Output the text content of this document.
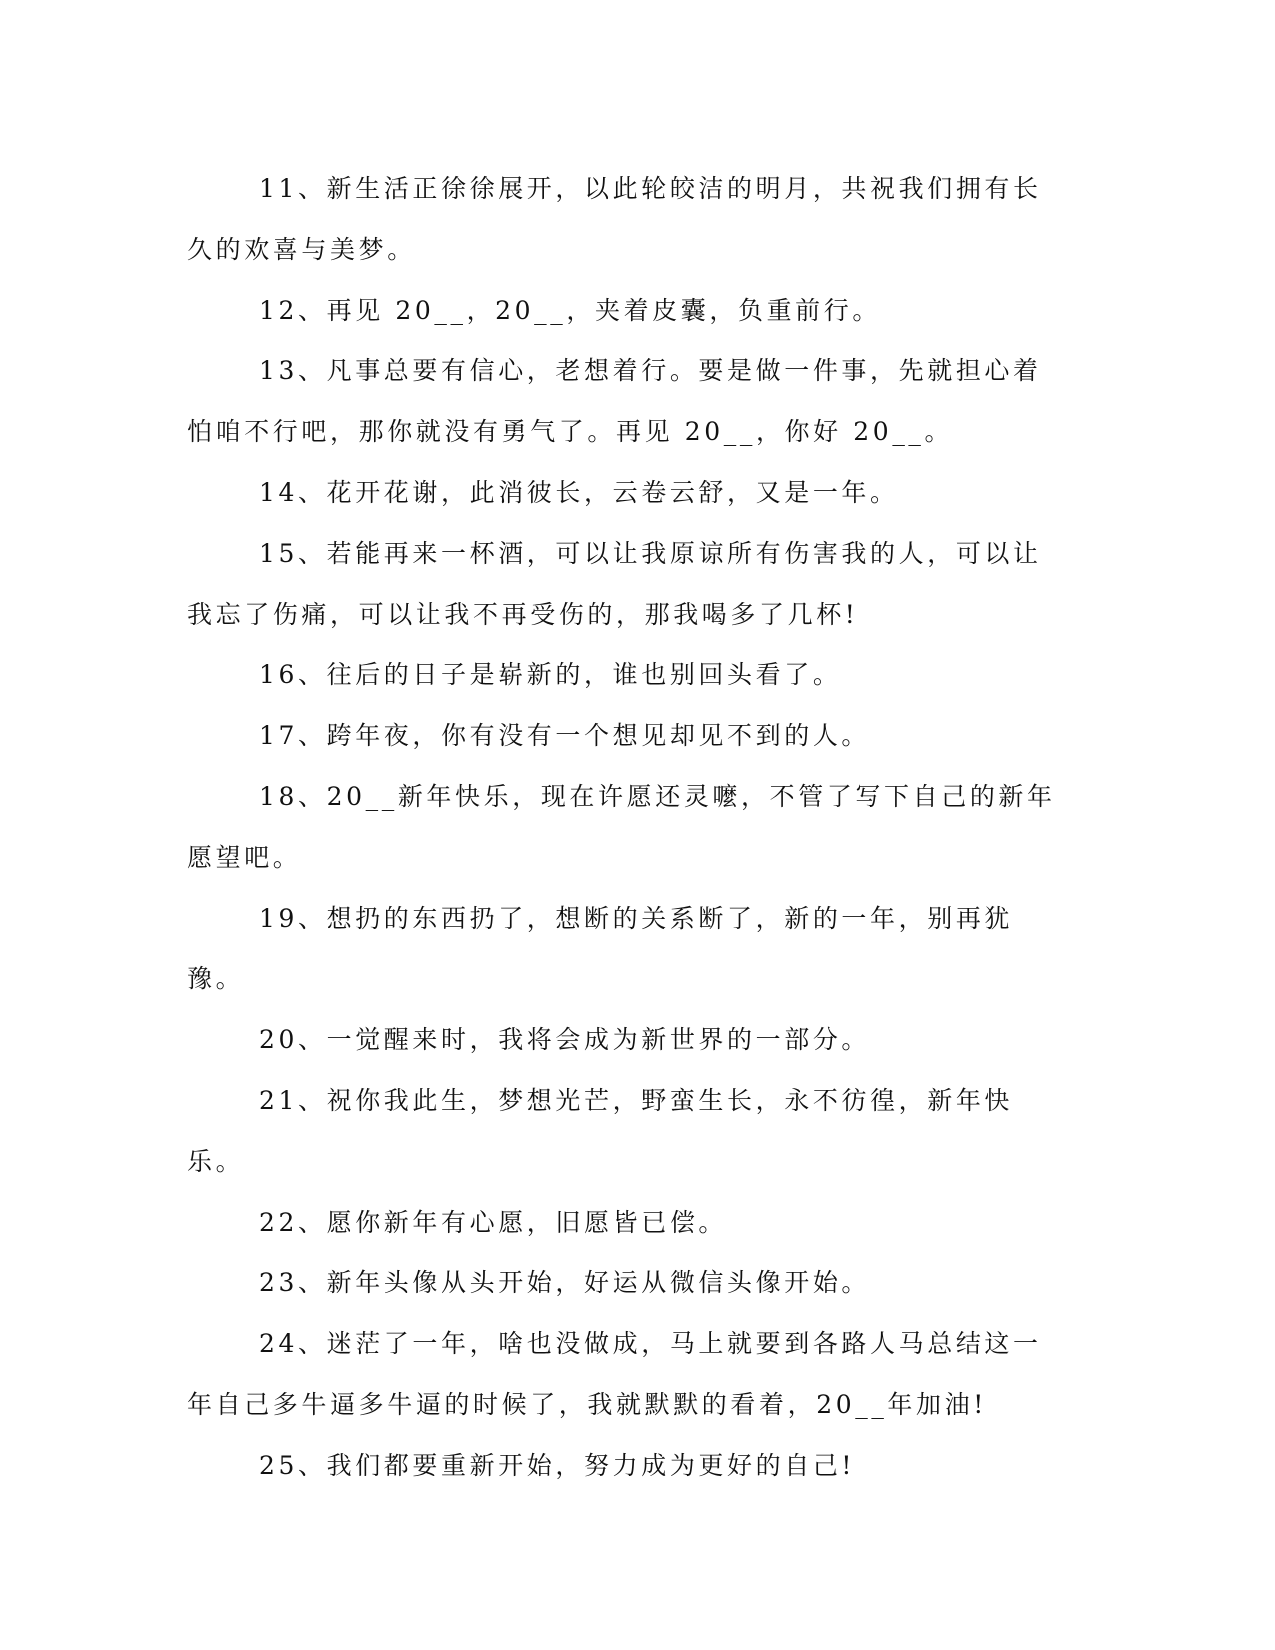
11、新生活正徐徐展开，以此轮皎洁的明月，共祝我们拥有长久的欢喜与美梦。

12、再见 20__，20__，夹着皮囊，负重前行。

13、凡事总要有信心，老想着行。要是做一件事，先就担心着怕咱不行吧，那你就没有勇气了。再见 20__，你好 20__。

14、花开花谢，此消彼长，云卷云舒，又是一年。

15、若能再来一杯酒，可以让我原谅所有伤害我的人，可以让我忘了伤痛，可以让我不再受伤的，那我喝多了几杯!

16、往后的日子是崭新的，谁也别回头看了。

17、跨年夜，你有没有一个想见却见不到的人。

18、20__新年快乐，现在许愿还灵嚒，不管了写下自己的新年愿望吧。

19、想扔的东西扔了，想断的关系断了，新的一年，别再犹豫。

20、一觉醒来时，我将会成为新世界的一部分。

21、祝你我此生，梦想光芒，野蛮生长，永不彷徨，新年快乐。

22、愿你新年有心愿，旧愿皆已偿。

23、新年头像从头开始，好运从微信头像开始。

24、迷茫了一年，啥也没做成，马上就要到各路人马总结这一年自己多牛逼多牛逼的时候了，我就默默的看着，20__年加油!

25、我们都要重新开始，努力成为更好的自己!
